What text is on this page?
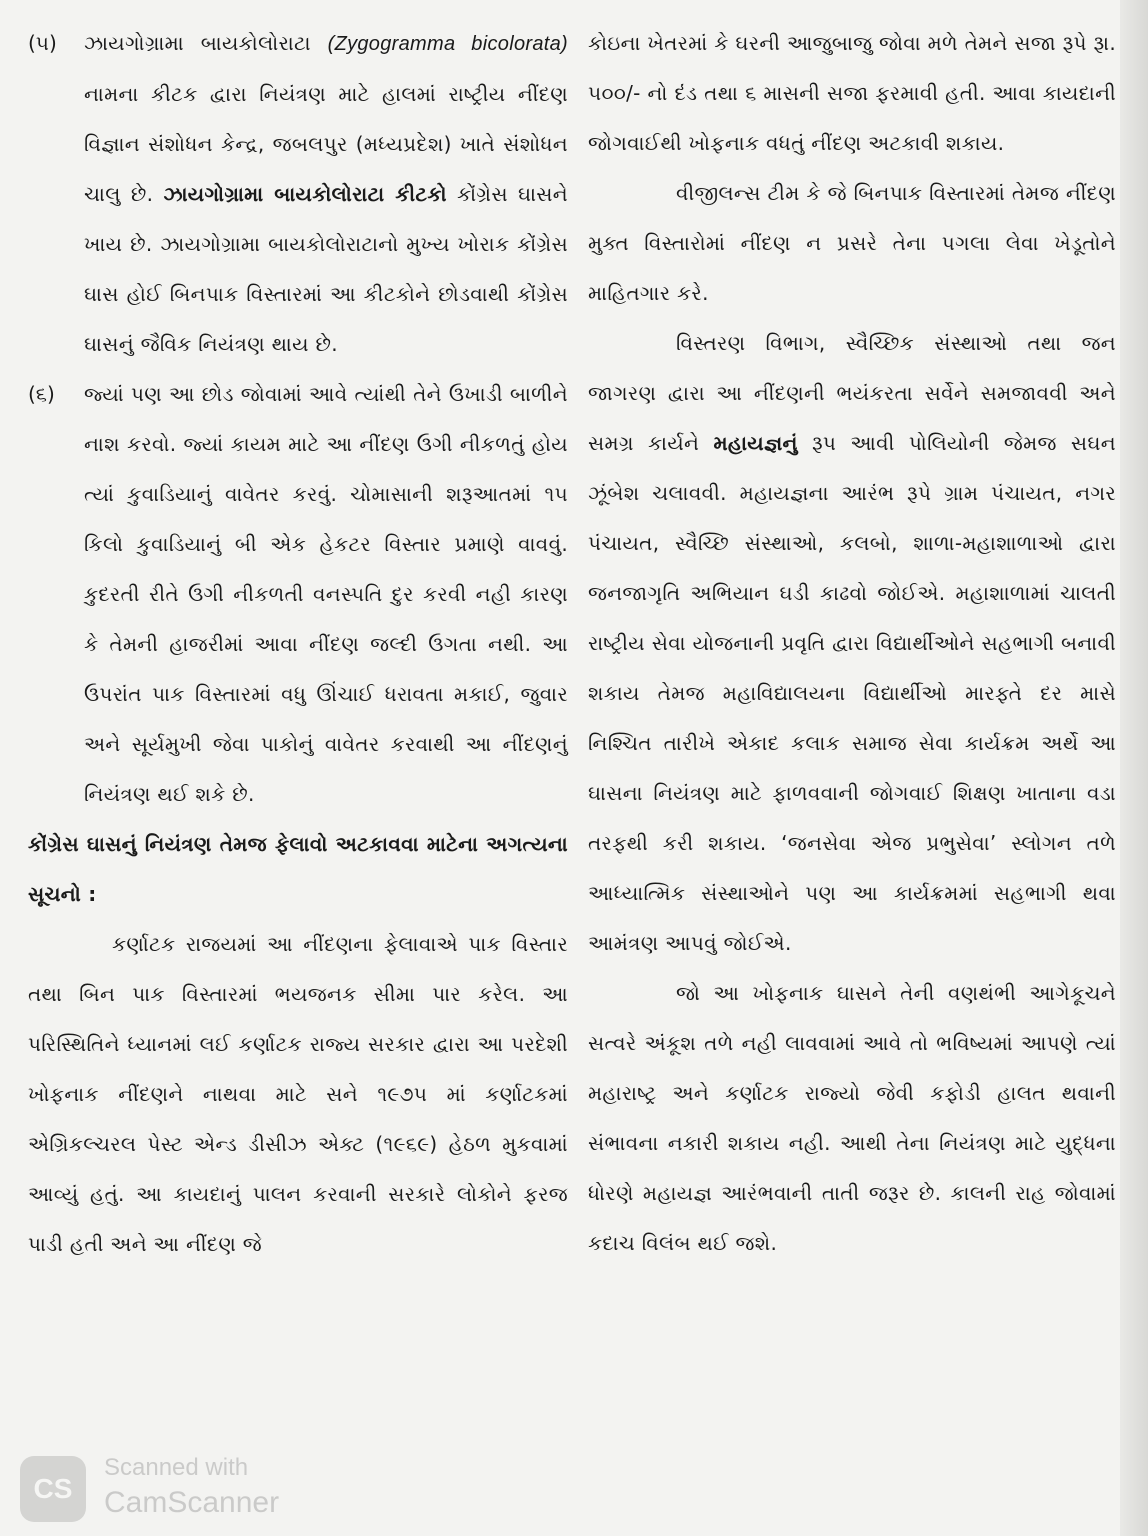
(૫) ઝાયગોગ્રામા બાયકોલોરાટા (Zygogramma bicolorata) નામના કીટક દ્વારા નિયંત્રણ માટે હાલમાં રાષ્ટ્રીય નીંદણ વિજ્ઞાન સંશોધન કેન્દ્ર, જબલપુર (મધ્યપ્રદેશ) ખાતે સંશોધન ચાલુ છે. ઝાયગોગ્રામા બાયકોલોરાટા કીટકો કોંગ્રેસ ઘાસને ખાય છે. ઝાયગોગ્રામા બાયકોલોરાટાનો મુખ્ય ખોરાક કોંગ્રેસ ઘાસ હોઈ બિનપાક વિસ્તારમાં આ કીટકોને છોડવાથી કોંગ્રેસ ઘાસનું જૈવિક નિયંત્રણ થાય છે.

(૬) જ્યાં પણ આ છોડ જોવામાં આવે ત્યાંથી તેને ઉખાડી બાળીને નાશ કરવો. જ્યાં કાયમ માટે આ નીંદણ ઉગી નીકળતું હોય ત્યાં કુવાડિયાનું વાવેતર કરવું. ચોમાસાની શરૂઆતમાં ૧૫ કિલો કુવાડિયાનું બી એક હેકટર વિસ્તાર પ્રમાણે વાવવું. કુદરતી રીતે ઉગી નીકળતી વનસ્પતિ દુર કરવી નહી કારણ કે તેમની હાજરીમાં આવા નીંદણ જલ્દી ઉગતા નથી. આ ઉપરાંત પાક વિસ્તારમાં વધુ ઊંચાઈ ધરાવતા મકાઈ, જુવાર અને સૂર્યમુખી જેવા પાકોનું વાવેતર કરવાથી આ નીંદણનું નિયંત્રણ થઈ શકે છે.

કોંગ્રેસ ઘાસનું નિયંત્રણ તેમજ ફેલાવો અટકાવવા માટેના અગત્યના સૂચનો :

કર્ણાટક રાજયમાં આ નીંદણના ફેલાવાએ પાક વિસ્તાર તથા બિન પાક વિસ્તારમાં ભયજનક સીમા પાર કરેલ. આ પરિસ્થિતિને ધ્યાનમાં લઈ કર્ણાટક રાજ્ય સરકાર દ્વારા આ પરદેશી ખોફનાક નીંદણને નાથવા માટે સને ૧૯૭૫ માં કર્ણાટકમાં એગ્રિકલ્ચરલ પેસ્ટ એન્ડ ડીસીઝ એક્ટ (૧૯૬૯) હેઠળ મુકવામાં આવ્યું હતું. આ કાયદાનું પાલન કરવાની સરકારે લોકોને ફરજ પાડી હતી અને આ નીંદણ જે

કોઇના ખેતરમાં કે ઘરની આજુબાજુ જોવા મળે તેમને સજા રૂપે રૂા. ૫૦૦/- નો દંડ તથા ૬ માસની સજા ફરમાવી હતી. આવા કાયદાની જોગવાઈથી ખોફનાક વધતું નીંદણ અટકાવી શકાય.

વીજીલન્સ ટીમ કે જે બિનપાક વિસ્તારમાં તેમજ નીંદણ મુક્ત વિસ્તારોમાં નીંદણ ન પ્રસરે તેના પગલા લેવા ખેડૂતોને માહિતગાર કરે.

વિસ્તરણ વિભાગ, સ્વૈચ્છિક સંસ્થાઓ તથા જન જાગરણ દ્વારા આ નીંદણની ભયંકરતા સર્વેને સમજાવવી અને સમગ્ર કાર્યને મહાયજ્ઞનું રૂપ આવી પોલિયોની જેમજ સઘન ઝૂંબેશ ચલાવવી. મહાયજ્ઞના આરંભ રૂપે ગ્રામ પંચાયત, નગર પંચાયત, સ્વૈચ્છિ સંસ્થાઓ, કલબો, શાળા-મહાશાળાઓ દ્વારા જનજાગૃતિ અભિયાન ઘડી કાઢવો જોઈએ. મહાશાળામાં ચાલતી રાષ્ટ્રીય સેવા યોજનાની પ્રવૃતિ દ્વારા વિદ્યાર્થીઓને સહભાગી બનાવી શકાય તેમજ મહાવિદ્યાલયના વિદ્યાર્થીઓ મારફ્તે દર માસે નિશ્ચિત તારીખે એકાદ કલાક સમાજ સેવા કાર્યક્રમ અર્થે આ ઘાસના નિયંત્રણ માટે ફાળવવાની જોગવાઈ શિક્ષણ ખાતાના વડા તરફથી કરી શકાય. ‘જનસેવા એજ પ્રભુસેવા’ સ્લોગન તળે આધ્યાત્મિક સંસ્થાઓને પણ આ કાર્યક્રમમાં સહભાગી થવા આમંત્રણ આપવું જોઈએ.

જો આ ખોફનાક ઘાસને તેની વણથંભી આગેકૂચને સત્વરે અંકૂશ તળે નહી લાવવામાં આવે તો ભવિષ્યમાં આપણે ત્યાં મહારાષ્ટ્ર અને કર્ણાટક રાજ્યો જેવી કફોડી હાલત થવાની સંભાવના નકારી શકાય નહી. આથી તેના નિયંત્રણ માટે યુદ્ધના ધોરણે મહાયજ્ઞ આરંભવાની તાતી જરૂર છે. કાલની રાહ જોવામાં કદાચ વિલંબ થઈ જશે.

CS
Scanned with
CamScanner
